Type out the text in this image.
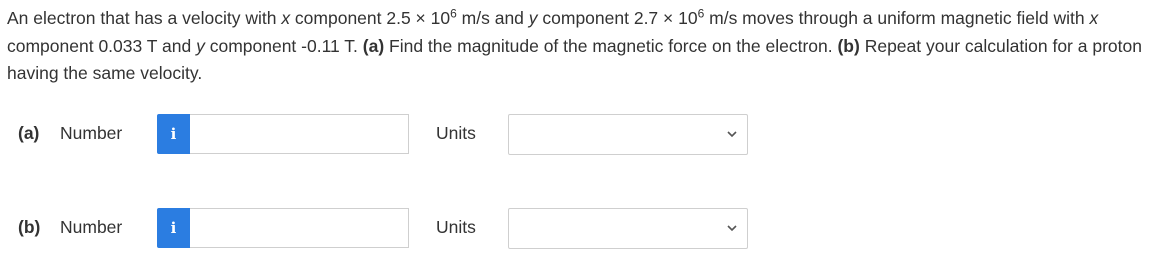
An electron that has a velocity with x component $2.5 \times 10^6$ m/s and y component $2.7 \times 10^6$ m/s moves through a uniform magnetic field with x component 0.033 T and y component -0.11 T. (a) Find the magnitude of the magnetic force on the electron. (b) Repeat your calculation for a proton having the same velocity.
(a) Number	i	Units
(b) Number	i	Units
